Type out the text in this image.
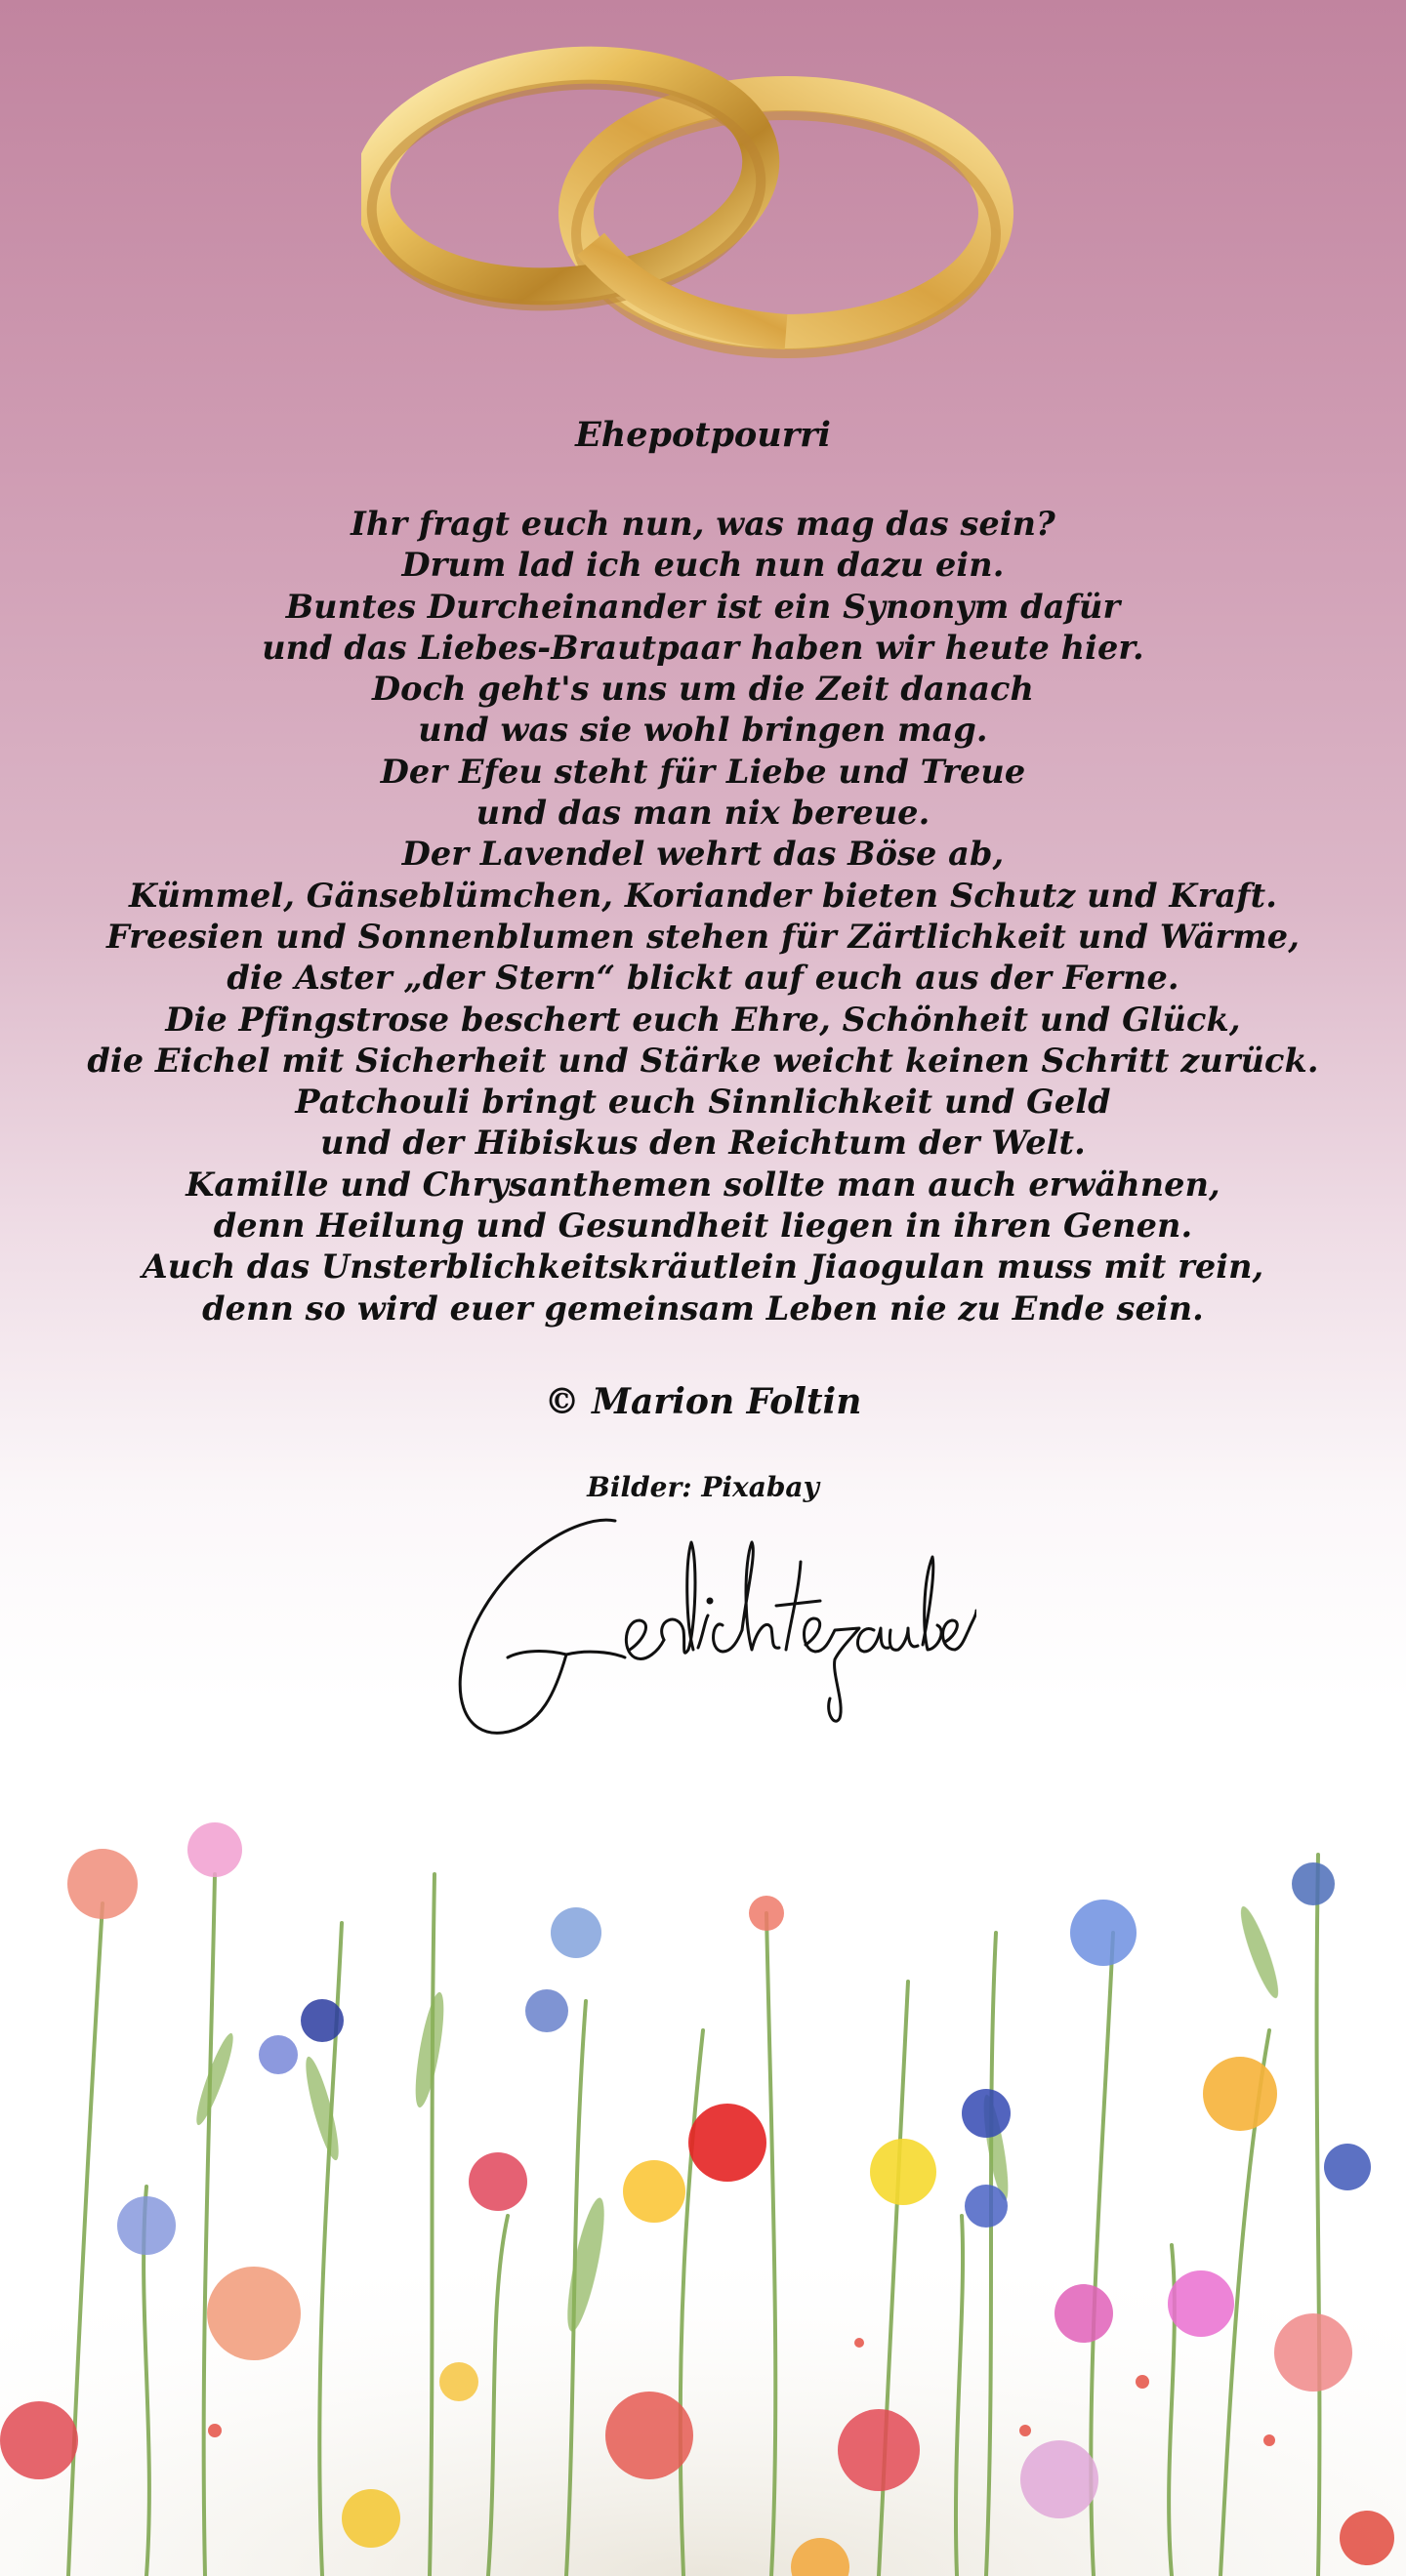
Ehepotpourri
Ihr fragt euch nun, was mag das sein?
Drum lad ich euch nun dazu ein.
Buntes Durcheinander ist ein Synonym dafür
und das Liebes-Brautpaar haben wir heute hier.
Doch geht's uns um die Zeit danach
und was sie wohl bringen mag.
Der Efeu steht für Liebe und Treue
und das man nix bereue.
Der Lavendel wehrt das Böse ab,
Kümmel, Gänseblümchen, Koriander bieten Schutz und Kraft.
Freesien und Sonnenblumen stehen für Zärtlichkeit und Wärme,
die Aster „der Stern“ blickt auf euch aus der Ferne.
Die Pfingstrose beschert euch Ehre, Schönheit und Glück,
die Eichel mit Sicherheit und Stärke weicht keinen Schritt zurück.
Patchouli bringt euch Sinnlichkeit und Geld
und der Hibiskus den Reichtum der Welt.
Kamille und Chrysanthemen sollte man auch erwähnen,
denn Heilung und Gesundheit liegen in ihren Genen.
Auch das Unsterblichkeitskräutlein Jiaogulan muss mit rein,
denn so wird euer gemeinsam Leben nie zu Ende sein.
© Marion Foltin
Bilder: Pixabay
